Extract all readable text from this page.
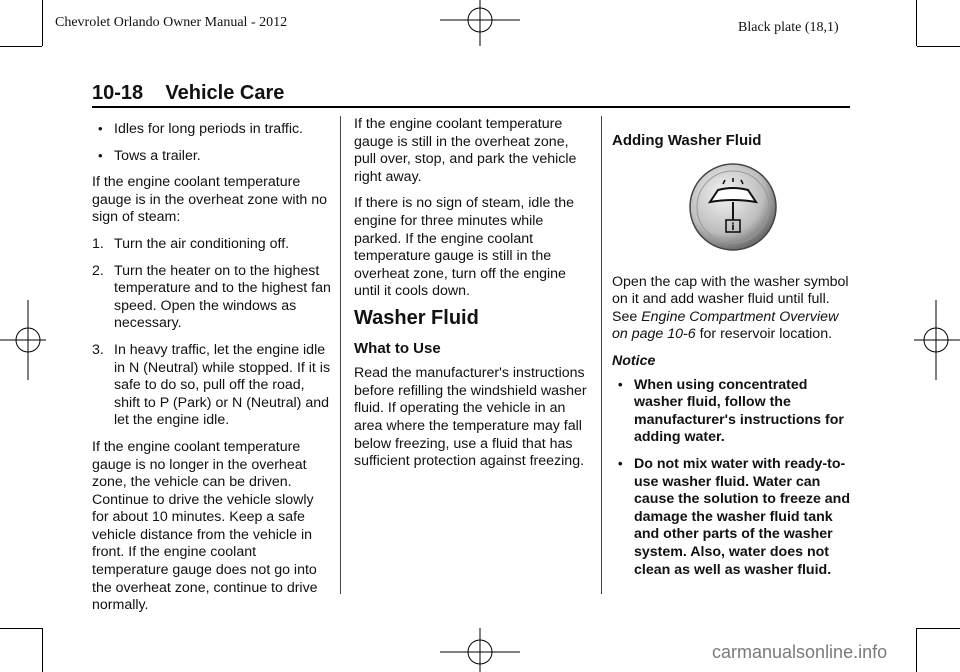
Chevrolet Orlando Owner Manual - 2012	Black plate (18,1)
10-18    Vehicle Care
• Idles for long periods in traffic.
• Tows a trailer.

If the engine coolant temperature gauge is in the overheat zone with no sign of steam:

1. Turn the air conditioning off.
2. Turn the heater on to the highest temperature and to the highest fan speed. Open the windows as necessary.
3. In heavy traffic, let the engine idle in N (Neutral) while stopped. If it is safe to do so, pull off the road, shift to P (Park) or N (Neutral) and let the engine idle.

If the engine coolant temperature gauge is no longer in the overheat zone, the vehicle can be driven. Continue to drive the vehicle slowly for about 10 minutes. Keep a safe vehicle distance from the vehicle in front. If the engine coolant temperature gauge does not go into the overheat zone, continue to drive normally.

If the engine coolant temperature gauge is still in the overheat zone, pull over, stop, and park the vehicle right away.

If there is no sign of steam, idle the engine for three minutes while parked. If the engine coolant temperature gauge is still in the overheat zone, turn off the engine until it cools down.

Washer Fluid
What to Use

Read the manufacturer's instructions before refilling the windshield washer fluid. If operating the vehicle in an area where the temperature may fall below freezing, use a fluid that has sufficient protection against freezing.

Adding Washer Fluid
i

Open the cap with the washer symbol on it and add washer fluid until full. See Engine Compartment Overview on page 10-6 for reservoir location.

Notice
• When using concentrated washer fluid, follow the manufacturer's instructions for adding water.
• Do not mix water with ready-to-use washer fluid. Water can cause the solution to freeze and damage the washer fluid tank and other parts of the washer system. Also, water does not clean as well as washer fluid.
carmanualsonline.info
